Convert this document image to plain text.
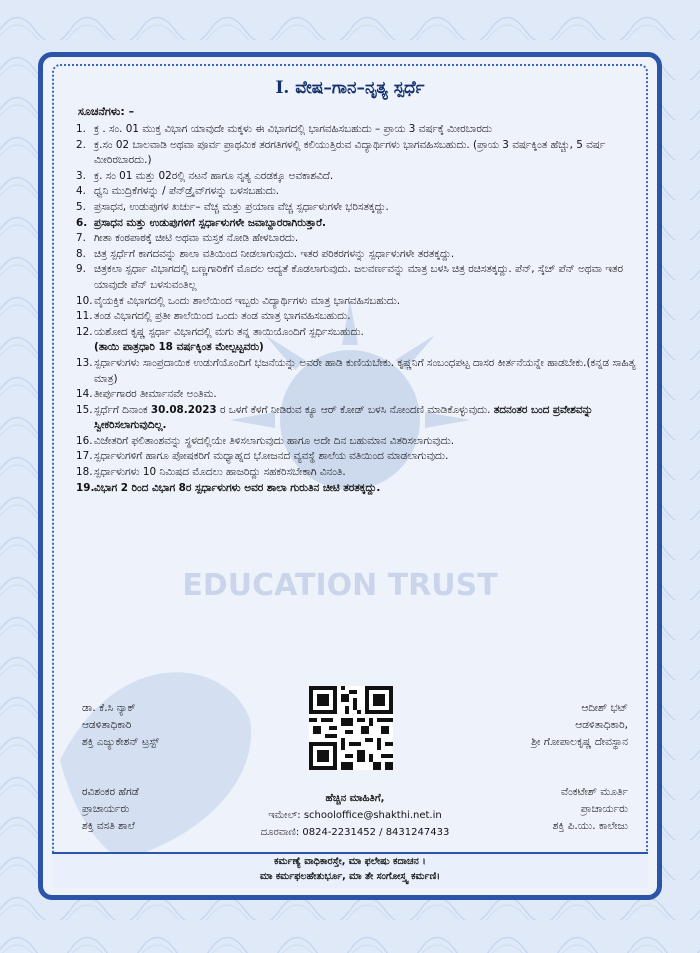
I. ವೇಷ–ಗಾನ–ನೃತ್ಯ ಸ್ಪರ್ಧೆ
ಸೂಚನೆಗಳು: –
1. ಕ್ರ . ಸಂ. 01 ಮುಕ್ತ ವಿಭಾಗ ಯಾವುದೇ ಮಕ್ಕಳು ಈ ವಿಭಾಗದಲ್ಲಿ ಭಾಗವಹಿಸಬಹುದು – ಪ್ರಾಯ 3 ವರ್ಷಕ್ಕೆ ಮೀರಬಾರದು
2. ಕ್ರ.ಸಂ 02 ಬಾಲವಾಡಿ ಅಥವಾ ಪೂರ್ವ ಪ್ರಾಥಮಿಕ ತರಗತಿಗಳಲ್ಲಿ ಕಲಿಯುತ್ತಿರುವ ವಿದ್ಯಾರ್ಥಿಗಳು ಭಾಗವಹಿಸಬಹುದು. (ಪ್ರಾಯ 3 ವರ್ಷಕ್ಕಿಂತ ಹೆಚ್ಚು, 5 ವರ್ಷ ಮೀರಿರಬಾರದು.)
3. ಕ್ರ. ಸಂ 01 ಮತ್ತು 02ರಲ್ಲಿ ನಟನೆ ಹಾಗೂ ನೃತ್ಯ ಎರಡಕ್ಕೂ ಅವಕಾಶವಿದೆ.
4. ಧ್ವನಿ ಮುದ್ರಿಕೆಗಳನ್ನು / ಪೆನ್‌ಡ್ರೈವ್‌ಗಳನ್ನು ಬಳಸಬಹುದು.
5. ಪ್ರಸಾಧನ, ಉಡುಪುಗಳ ಖರ್ಚು– ವೆಚ್ಚ ಮತ್ತು ಪ್ರಯಾಣ ವೆಚ್ಚ ಸ್ಪರ್ಧಾಳುಗಳೇ ಭರಿಸತಕ್ಕದ್ದು.
6. ಪ್ರಸಾಧನ ಮತ್ತು ಉಡುಪುಗಳಿಗೆ ಸ್ಪರ್ಧಾಳುಗಳೇ ಜವಾಬ್ದಾರರಾಗಿರುತ್ತಾರೆ.
7. ಗೀತಾ ಕಂಠಪಾಠಕ್ಕೆ ಚೀಟಿ ಅಥವಾ ಮಸ್ತಕ ನೋಡಿ ಹೇಳಬಾರದು.
8. ಚಿತ್ರ ಸ್ಪರ್ಧೆಗೆ ಕಾಗದವನ್ನು ಶಾಲಾ ವತಿಯಿಂದ ನೀಡಲಾಗುವುದು. ಇತರ ಪರಿಕರಗಳನ್ನು ಸ್ಪರ್ಧಾಳುಗಳೇ ತರತಕ್ಕದ್ದು.
9. ಚಿತ್ರಕಲಾ ಸ್ಪರ್ಧಾ ವಿಭಾಗದಲ್ಲಿ ಬಣ್ಣಗಾರಿಕೆಗೆ ಮೊದಲ ಆದ್ಯತೆ ಕೊಡಲಾಗುವುದು. ಜಲವರ್ಣವನ್ನು ಮಾತ್ರ ಬಳಸಿ ಚಿತ್ರ ರಚಿಸತಕ್ಕದ್ದು. ಪೆನ್, ಸ್ಕೆಚ್ ಪೆನ್ ಅಥವಾ ಇತರ ಯಾವುದೇ ಪೆನ್ ಬಳಸುವಂತಿಲ್ಲ
10. ವೈಯಕ್ತಿಕ ವಿಭಾಗದಲ್ಲಿ ಒಂದು ಶಾಲೆಯಿಂದ ಇಬ್ಬರು ವಿದ್ಯಾರ್ಥಿಗಳು ಮಾತ್ರ ಭಾಗವಹಿಸಬಹುದು.
11. ತಂಡ ವಿಭಾಗದಲ್ಲಿ ಪ್ರತೀ ಶಾಲೆಯಿಂದ ಒಂದು ತಂಡ ಮಾತ್ರ ಭಾಗವಹಿಸಬಹುದು.
12. ಯಶೋದ ಕೃಷ್ಣ ಸ್ಪರ್ಧಾ ವಿಭಾಗದಲ್ಲಿ ಮಗು ತನ್ನ ತಾಯಿಯೊಂದಿಗೆ ಸ್ಪರ್ಧಿಸಬಹುದು.
(ತಾಯಿ ಪಾತ್ರಧಾರಿ 18 ವರ್ಷಕ್ಕಿಂತ ಮೇಲ್ಪಟ್ಟವರು)
13. ಸ್ಪರ್ಧಾಳುಗಳು ಸಾಂಪ್ರದಾಯಿಕ ಉಡುಗೆಯೊಂದಿಗೆ ಭಜನೆಯನ್ನು ಅವರೇ ಹಾಡಿ ಕುಣಿಯಬೇಕು. ಕೃಷ್ಣನಿಗೆ ಸಂಬಂಧಪಟ್ಟ ದಾಸರ ಕೀರ್ತನೆಯನ್ನೇ ಹಾಡಬೇಕು.(ಕನ್ನಡ ಸಾಹಿತ್ಯ ಮಾತ್ರ)
14. ತೀರ್ಪುಗಾರರ ತೀರ್ಮಾನವೇ ಅಂತಿಮ.
15. ಸ್ಪರ್ಧೆಗೆ ದಿನಾಂಕ 30.08.2023 ರ ಒಳಗೆ ಕೆಳಗೆ ನೀಡಿರುವ ಕ್ಯೂ ಆರ್ ಕೋಡ್ ಬಳಸಿ ನೋಂದಣಿ ಮಾಡಿಕೊಳ್ಳುವುದು. ತದನಂತರ ಬಂದ ಪ್ರವೇಶವನ್ನು ಸ್ವೀಕರಿಸಲಾಗುವುದಿಲ್ಲ.
16. ವಿಜೇತರಿಗೆ ಫಲಿತಾಂಶವನ್ನು ಸ್ಥಳದಲ್ಲಿಯೇ ತಿಳಿಸಲಾಗುವುದು ಹಾಗೂ ಅದೇ ದಿನ ಬಹುಮಾನ ವಿತರಿಸಲಾಗುವುದು.
17. ಸ್ಪರ್ಧಾಳುಗಳಿಗೆ ಹಾಗೂ ಪೋಷಕರಿಗೆ ಮಧ್ಯಾಹ್ನದ ಭೋಜನದ ವ್ಯವಸ್ಥೆ ಶಾಲೆಯ ವತಿಯಿಂದ ಮಾಡಲಾಗುವುದು.
18. ಸ್ಪರ್ಧಾಳುಗಳು 10 ನಿಮಿಷದ ಮೊದಲು ಹಾಜರಿದ್ದು ಸಹಕರಿಸಬೇಕಾಗಿ ವಿನಂತಿ.
19. ವಿಭಾಗ 2 ರಿಂದ ವಿಭಾಗ 8ರ ಸ್ಪರ್ಧಾಳುಗಳು ಅವರ ಶಾಲಾ ಗುರುತಿನ ಚೀಟಿ ತರತಕ್ಕದ್ದು.
ಡಾ. ಕೆ.ಸಿ ನ್ಯಾಕ್
ಆಡಳಿತಾಧಿಕಾರಿ
ಶಕ್ತಿ ಎಜ್ಯುಕೇಶನ್ ಟ್ರಸ್ಟ್
ಆದೀಶ್ ಭಟ್
ಆಡಳಿತಾಧಿಕಾರಿ,
ಶ್ರೀ ಗೋಪಾಲಕೃಷ್ಣ ದೇವಸ್ಥಾನ
ರವಿಶಂಕರ ಹೆಗಡೆ
ಪ್ರಾಚಾರ್ಯರು
ಶಕ್ತಿ ವಸತಿ ಶಾಲೆ
ವೆಂಕಟೇಶ್ ಮೂರ್ತಿ
ಪ್ರಾಚಾರ್ಯರು
ಶಕ್ತಿ ಪಿ.ಯು. ಕಾಲೇಜು
ಹೆಚ್ಚಿನ ಮಾಹಿತಿಗೆ,
ಇಮೇಲ್: schooloffice@shakthi.net.in
ದೂರವಾಣಿ: 0824-2231452 / 8431247433
ಕರ್ಮಣ್ಯೆ ವಾಧಿಕಾರಸ್ತೇ, ಮಾ ಫಲೇಷು ಕದಾಚನ ।
ಮಾ ಕರ್ಮಫಲಹೇತುರ್ಭೂ, ಮಾ ತೇ ಸಂಗೋಸ್ತ್ವ ಕರ್ಮಣಿ।
